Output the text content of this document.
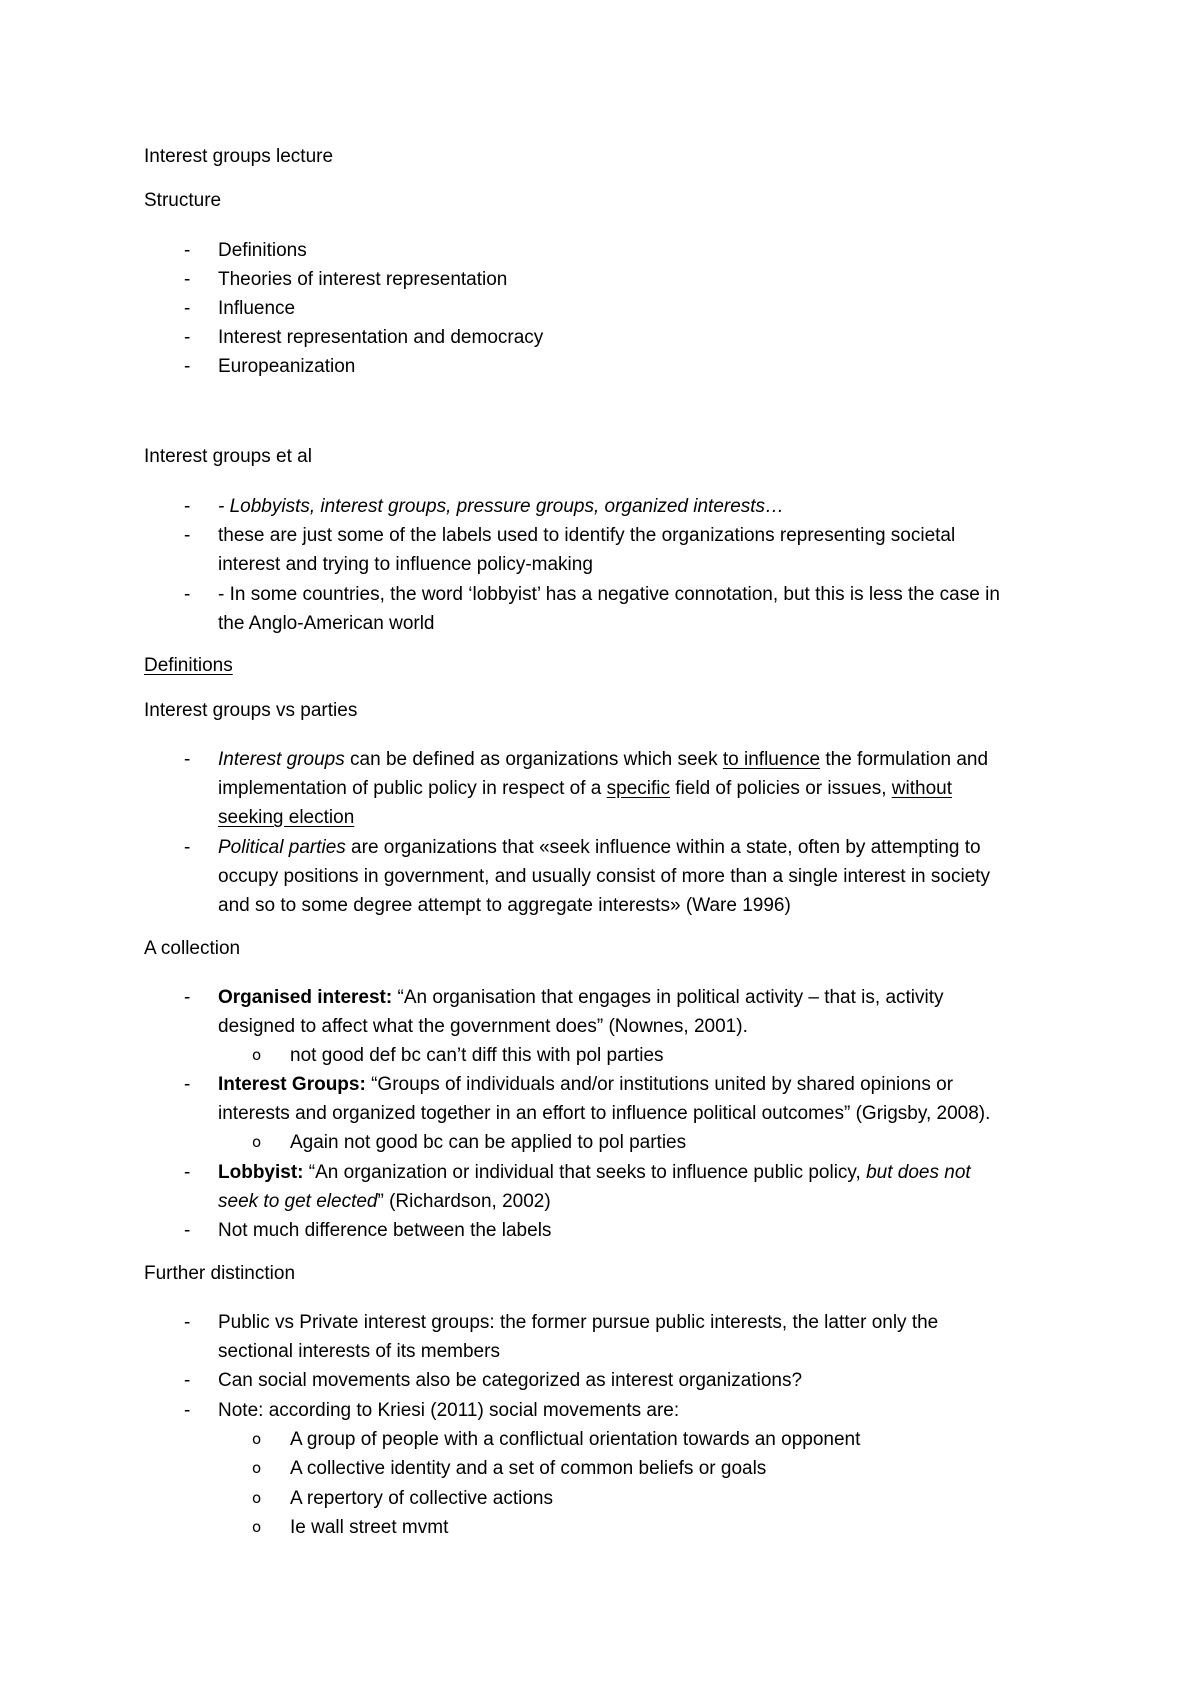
Interest groups lecture
Structure
- Definitions
- Theories of interest representation
- Influence
- Interest representation and democracy
- Europeanization
Interest groups et al
- - Lobbyists, interest groups, pressure groups, organized interests…
- these are just some of the labels used to identify the organizations representing societal
interest and trying to influence policy-making
- - In some countries, the word ‘lobbyist’ has a negative connotation, but this is less the case in
the Anglo-American world
Definitions
Interest groups vs parties
- Interest groups can be defined as organizations which seek to influence the formulation and
implementation of public policy in respect of a specific field of policies or issues, without
seeking election
- Political parties are organizations that «seek influence within a state, often by attempting to
occupy positions in government, and usually consist of more than a single interest in society
and so to some degree attempt to aggregate interests» (Ware 1996)
A collection
- Organised interest: “An organisation that engages in political activity – that is, activity
designed to affect what the government does” (Nownes, 2001).
o not good def bc can’t diff this with pol parties
- Interest Groups: “Groups of individuals and/or institutions united by shared opinions or
interests and organized together in an effort to influence political outcomes” (Grigsby, 2008).
o Again not good bc can be applied to pol parties
- Lobbyist: “An organization or individual that seeks to influence public policy, but does not
seek to get elected” (Richardson, 2002)
- Not much difference between the labels
Further distinction
- Public vs Private interest groups: the former pursue public interests, the latter only the
sectional interests of its members
- Can social movements also be categorized as interest organizations?
- Note: according to Kriesi (2011) social movements are:
o A group of people with a conflictual orientation towards an opponent
o A collective identity and a set of common beliefs or goals
o A repertory of collective actions
o Ie wall street mvmt
